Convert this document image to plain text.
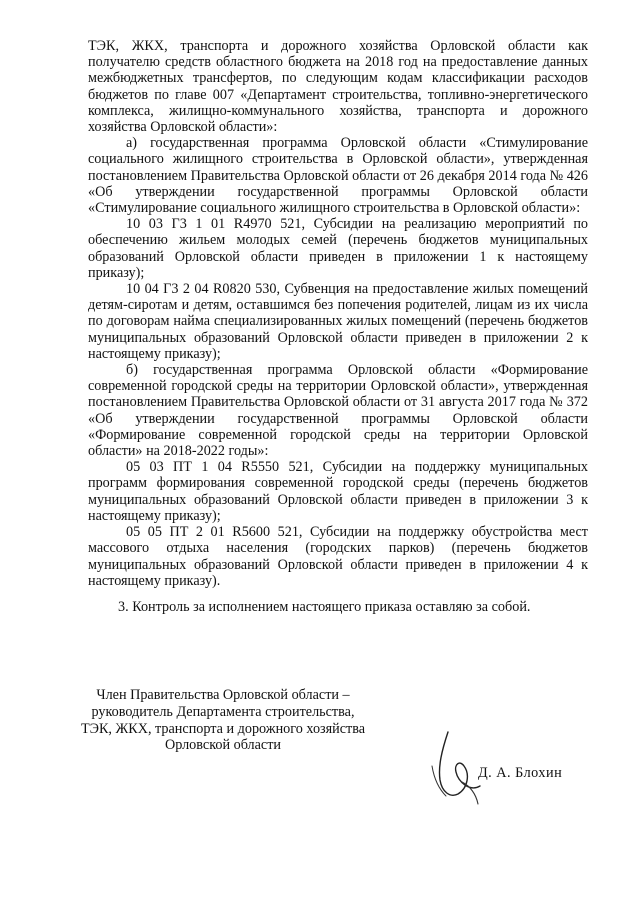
ТЭК, ЖКХ, транспорта и дорожного хозяйства Орловской области как получателю средств областного бюджета на 2018 год на предоставление данных межбюджетных трансфертов, по следующим кодам классификации расходов бюджетов по главе 007 «Департамент строительства, топливно-энергетического комплекса, жилищно-коммунального хозяйства, транспорта и дорожного хозяйства Орловской области»:

а) государственная программа Орловской области «Стимулирование социального жилищного строительства в Орловской области», утвержденная постановлением Правительства Орловской области от 26 декабря 2014 года № 426 «Об утверждении государственной программы Орловской области «Стимулирование социального жилищного строительства в Орловской области»:

10 03 Г3 1 01 R4970 521, Субсидии на реализацию мероприятий по обеспечению жильем молодых семей (перечень бюджетов муниципальных образований Орловской области приведен в приложении 1 к настоящему приказу);

10 04 Г3 2 04 R0820 530, Субвенция на предоставление жилых помещений детям-сиротам и детям, оставшимся без попечения родителей, лицам из их числа по договорам найма специализированных жилых помещений (перечень бюджетов муниципальных образований Орловской области приведен в приложении 2 к настоящему приказу);

б) государственная программа Орловской области «Формирование современной городской среды на территории Орловской области», утвержденная постановлением Правительства Орловской области от 31 августа 2017 года № 372 «Об утверждении государственной программы Орловской области «Формирование современной городской среды на территории Орловской области» на 2018-2022 годы»:

05 03 ПТ 1 04 R5550 521, Субсидии на поддержку муниципальных программ формирования современной городской среды (перечень бюджетов муниципальных образований Орловской области приведен в приложении 3 к настоящему приказу);

05 05 ПТ 2 01 R5600 521, Субсидии на поддержку обустройства мест массового отдыха населения (городских парков) (перечень бюджетов муниципальных образований Орловской области приведен в приложении 4 к настоящему приказу).

3. Контроль за исполнением настоящего приказа оставляю за собой.

Член Правительства Орловской области –
руководитель Департамента строительства,
ТЭК, ЖКХ, транспорта и дорожного хозяйства
Орловской области
Д. А. Блохин
